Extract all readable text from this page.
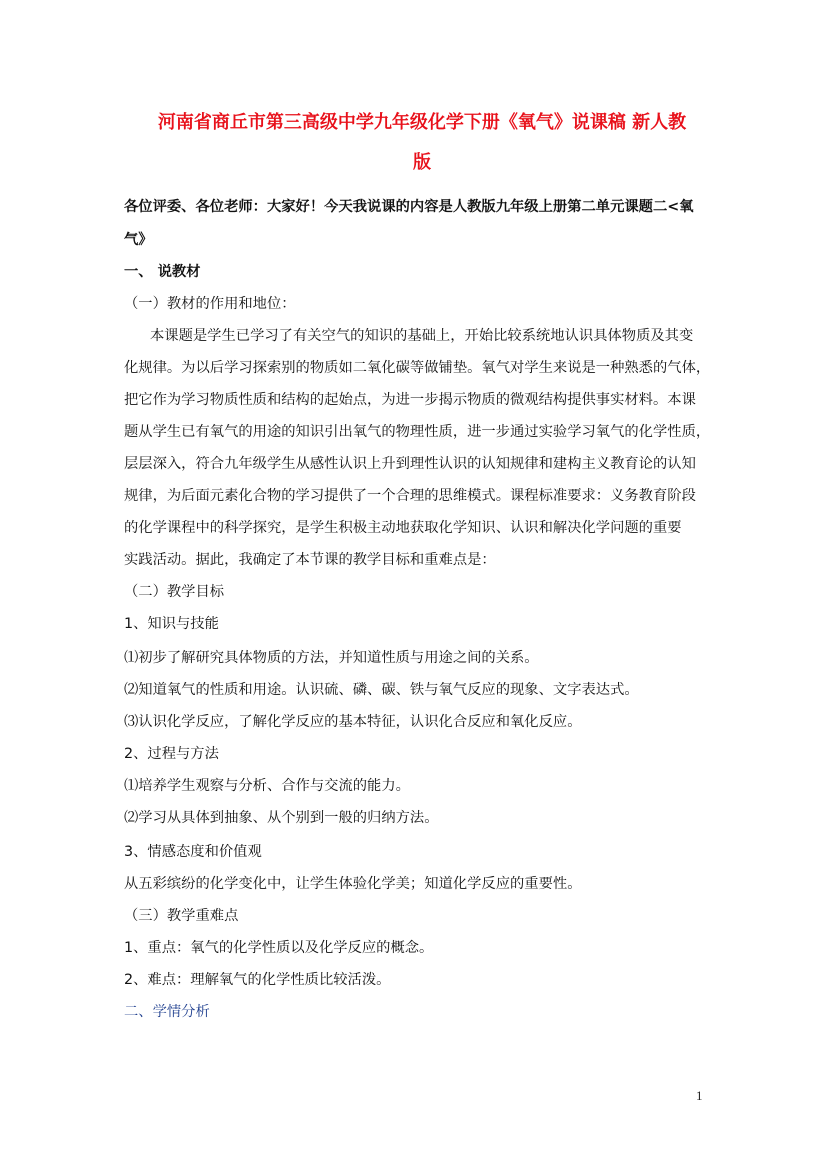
河南省商丘市第三高级中学九年级化学下册《氧气》说课稿 新人教
版
各位评委、各位老师：大家好！今天我说课的内容是人教版九年级上册第二单元课题二<氧
气》
一、 说教材
（一）教材的作用和地位：
本课题是学生已学习了有关空气的知识的基础上，开始比较系统地认识具体物质及其变
化规律。为以后学习探索别的物质如二氧化碳等做铺垫。氧气对学生来说是一种熟悉的气体，
把它作为学习物质性质和结构的起始点，为进一步揭示物质的微观结构提供事实材料。本课
题从学生已有氧气的用途的知识引出氧气的物理性质，进一步通过实验学习氧气的化学性质，
层层深入，符合九年级学生从感性认识上升到理性认识的认知规律和建构主义教育论的认知
规律，为后面元素化合物的学习提供了一个合理的思维模式。课程标准要求：义务教育阶段
的化学课程中的科学探究，是学生积极主动地获取化学知识、认识和解决化学问题的重要
实践活动。据此，我确定了本节课的教学目标和重难点是：
（二）教学目标
1、知识与技能
⑴初步了解研究具体物质的方法，并知道性质与用途之间的关系。
⑵知道氧气的性质和用途。认识硫、磷、碳、铁与氧气反应的现象、文字表达式。
⑶认识化学反应，了解化学反应的基本特征，认识化合反应和氧化反应。
2、过程与方法
⑴培养学生观察与分析、合作与交流的能力。
⑵学习从具体到抽象、从个别到一般的归纳方法。
3、情感态度和价值观
从五彩缤纷的化学变化中，让学生体验化学美；知道化学反应的重要性。
（三）教学重难点
1、重点：氧气的化学性质以及化学反应的概念。
2、难点：理解氧气的化学性质比较活泼。
二、学情分析
1
